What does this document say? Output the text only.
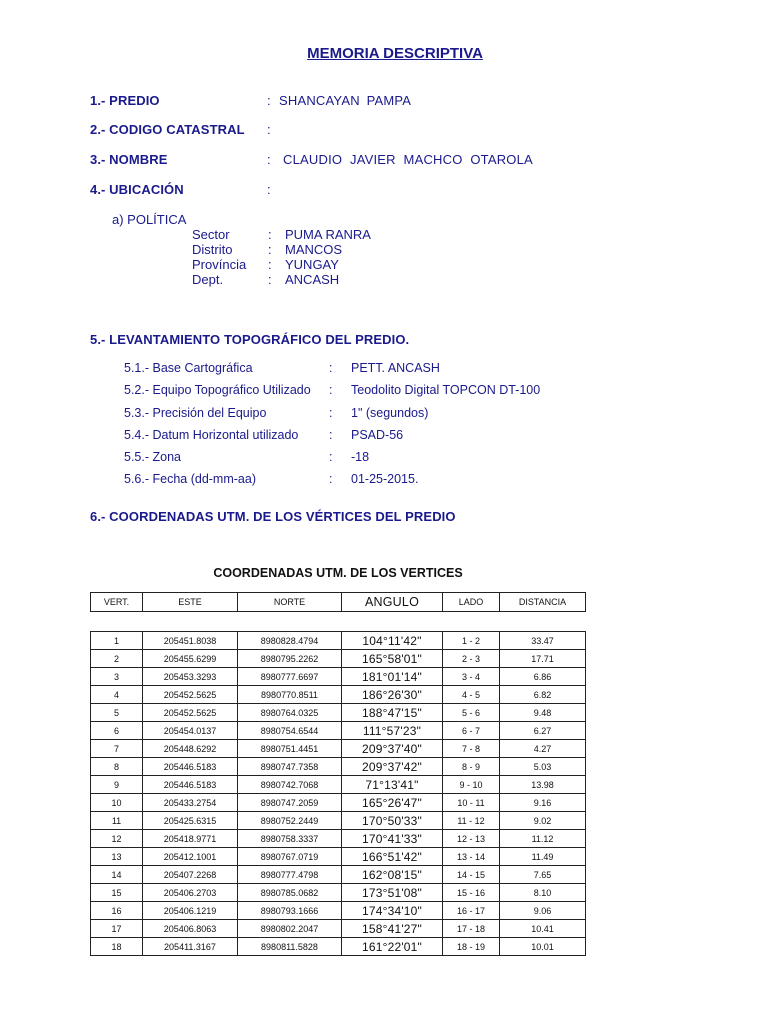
MEMORIA DESCRIPTIVA
1.- PREDIO	: SHANCAYAN PAMPA
2.- CODIGO CATASTRAL :
3.- NOMBRE	: CLAUDIO JAVIER MACHCO OTAROLA
4.- UBICACIÓN	:
a) POLÍTICA
Sector	: PUMA RANRA
Distrito	: MANCOS
Província : YUNGAY
Dept.	: ANCASH
5.- LEVANTAMIENTO TOPOGRÁFICO DEL PREDIO.
5.1.- Base Cartográfica	: PETT. ANCASH
5.2.- Equipo Topográfico Utilizado : Teodolito Digital TOPCON DT-100
5.3.- Precisión del Equipo	: 1" (segundos)
5.4.- Datum Horizontal utilizado : PSAD-56
5.5.- Zona	: -18
5.6.- Fecha (dd-mm-aa)	: 01-25-2015.
6.- COORDENADAS UTM. DE LOS VÉRTICES DEL PREDIO
COORDENADAS UTM. DE LOS VERTICES
VERT.	ESTE	NORTE	ANGULO	LADO	DISTANCIA
1	205451.8038	8980828.4794	104°11'42"	1 - 2	33.47
2	205455.6299	8980795.2262	165°58'01"	2 - 3	17.71
3	205453.3293	8980777.6697	181°01'14"	3 - 4	6.86
4	205452.5625	8980770.8511	186°26'30"	4 - 5	6.82
5	205452.5625	8980764.0325	188°47'15"	5 - 6	9.48
6	205454.0137	8980754.6544	111°57'23"	6 - 7	6.27
7	205448.6292	8980751.4451	209°37'40"	7 - 8	4.27
8	205446.5183	8980747.7358	209°37'42"	8 - 9	5.03
9	205446.5183	8980742.7068	71°13'41"	9 - 10	13.98
10	205433.2754	8980747.2059	165°26'47"	10 - 11	9.16
11	205425.6315	8980752.2449	170°50'33"	11 - 12	9.02
12	205418.9771	8980758.3337	170°41'33"	12 - 13	11.12
13	205412.1001	8980767.0719	166°51'42"	13 - 14	11.49
14	205407.2268	8980777.4798	162°08'15"	14 - 15	7.65
15	205406.2703	8980785.0682	173°51'08"	15 - 16	8.10
16	205406.1219	8980793.1666	174°34'10"	16 - 17	9.06
17	205406.8063	8980802.2047	158°41'27"	17 - 18	10.41
18	205411.3167	8980811.5828	161°22'01"	18 - 19	10.01
